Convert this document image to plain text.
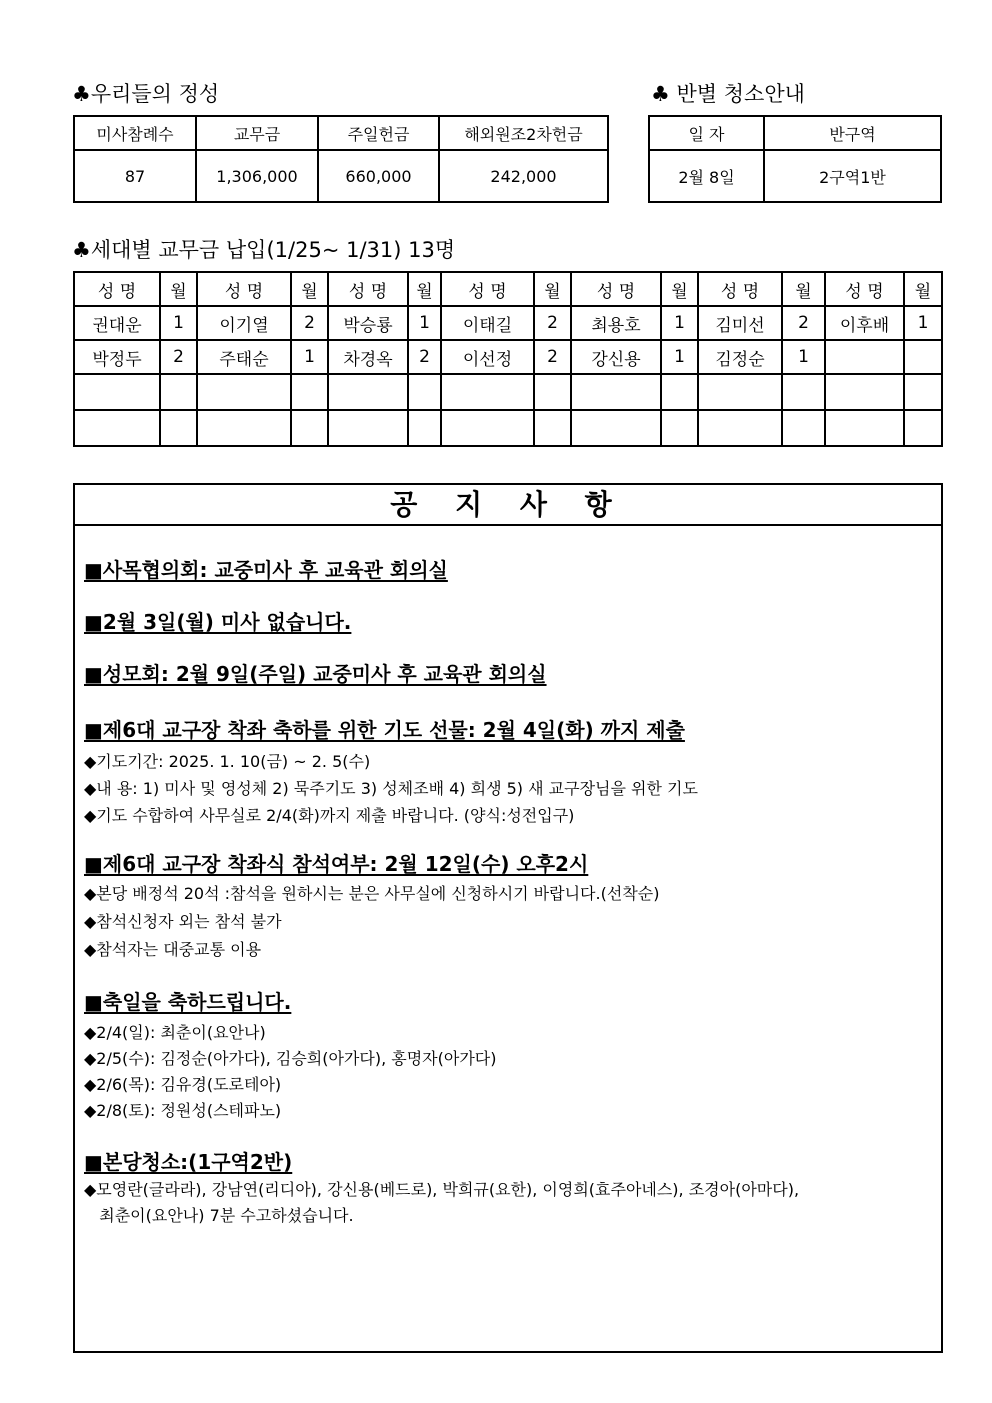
♣우리들의 정성
미사참례수	교무금	주일헌금	해외원조2차헌금
87	1,306,000	660,000	242,000
♣ 반별 청소안내
일 자	반구역
2월 8일	2구역1반
♣세대별 교무금 납입(1/25~ 1/31) 13명
성 명	월	성 명	월	성 명	월	성 명	월	성 명	월	성 명	월	성 명	월
권대운	1	이기열	2	박승룡	1	이태길	2	최용호	1	김미선	2	이후배	1
박정두	2	주태순	1	차경옥	2	이선정	2	강신용	1	김정순	1		

공 지 사 항
■사목협의회: 교중미사 후 교육관 회의실
■2월 3일(월) 미사 없습니다.
■성모회: 2월 9일(주일) 교중미사 후 교육관 회의실
■제6대 교구장 착좌 축하를 위한 기도 선물: 2월 4일(화) 까지 제출
◆기도기간: 2025. 1. 10(금) ~ 2. 5(수)
◆내 용: 1) 미사 및 영성체 2) 묵주기도 3) 성체조배 4) 희생 5) 새 교구장님을 위한 기도
◆기도 수합하여 사무실로 2/4(화)까지 제출 바랍니다. (양식:성전입구)
■제6대 교구장 착좌식 참석여부: 2월 12일(수) 오후2시
◆본당 배정석 20석 :참석을 원하시는 분은 사무실에 신청하시기 바랍니다.(선착순)
◆참석신청자 외는 참석 불가
◆참석자는 대중교통 이용
■축일을 축하드립니다.
◆2/4(일): 최춘이(요안나)
◆2/5(수): 김정순(아가다), 김승희(아가다), 홍명자(아가다)
◆2/6(목): 김유경(도로테아)
◆2/8(토): 정원성(스테파노)
■본당청소:(1구역2반)
◆모영란(글라라), 강남연(리디아), 강신용(베드로), 박희규(요한), 이영희(효주아네스), 조경아(아마다),
최춘이(요안나) 7분 수고하셨습니다.
